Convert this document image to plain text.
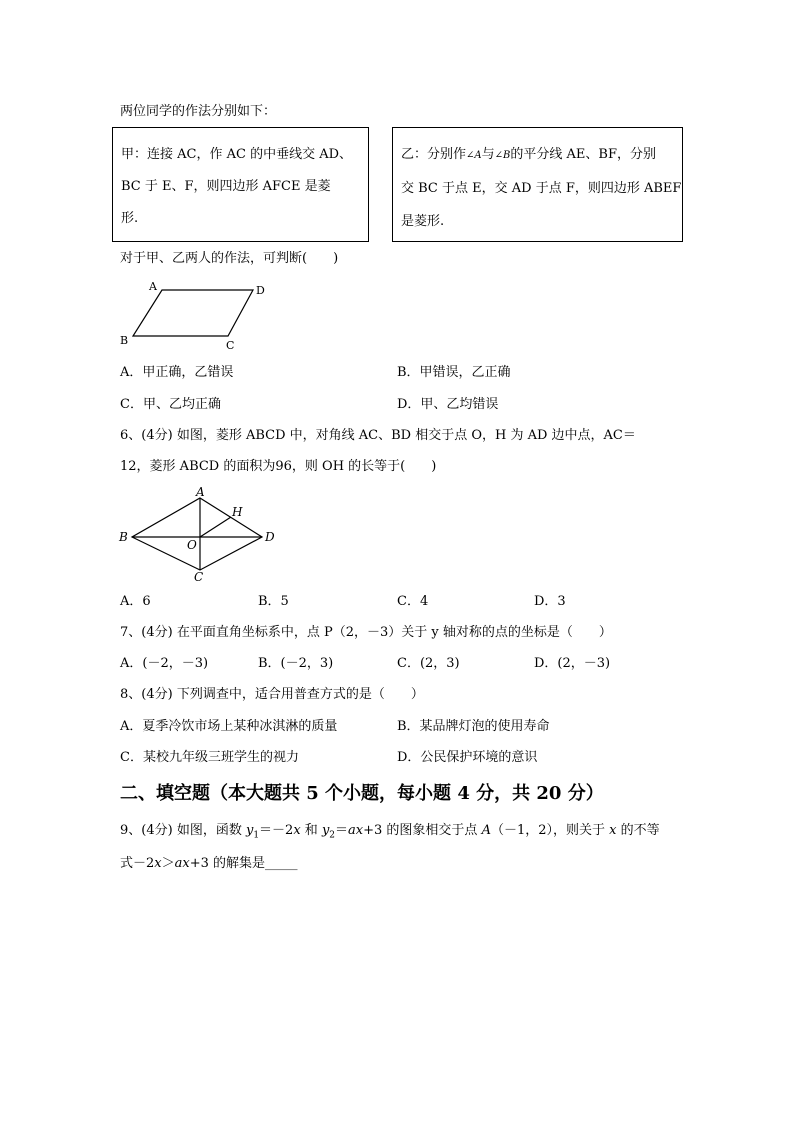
两位同学的作法分别如下：
甲：连接 AC，作 AC 的中垂线交 AD、
BC 于 E、F，则四边形 AFCE 是菱
形.
乙：分别作∠A与∠B的平分线 AE、BF，分别
交 BC 于点 E，交 AD 于点 F，则四边形 ABEF
是菱形.
对于甲、乙两人的作法，可判断(　　)
A	D
B	C
A．甲正确，乙错误	B．甲错误，乙正确
C．甲、乙均正确	D．甲、乙均错误
6、(4分) 如图，菱形 ABCD 中，对角线 AC、BD 相交于点 O，H 为 AD 边中点，AC＝
12，菱形 ABCD 的面积为96，则 OH 的长等于(　　)
A
H
B
O
D
C
A．6	B．5	C．4	D．3
7、(4分) 在平面直角坐标系中，点 P（2，－3）关于 y 轴对称的点的坐标是（　　）
A．(－2，－3)	B．(－2，3)	C．(2，3)	D．(2，－3)
8、(4分) 下列调查中，适合用普查方式的是（　　）
A．夏季冷饮市场上某种冰淇淋的质量	B．某品牌灯泡的使用寿命
C．某校九年级三班学生的视力	D．公民保护环境的意识
二、填空题（本大题共 5 个小题，每小题 4 分，共 20 分）
9、(4分) 如图，函数 $y_1=-2x$ 和 $y_2=ax+3$ 的图象相交于点 A（－1，2），则关于 x 的不等
式－2x＞ax+3 的解集是_____
